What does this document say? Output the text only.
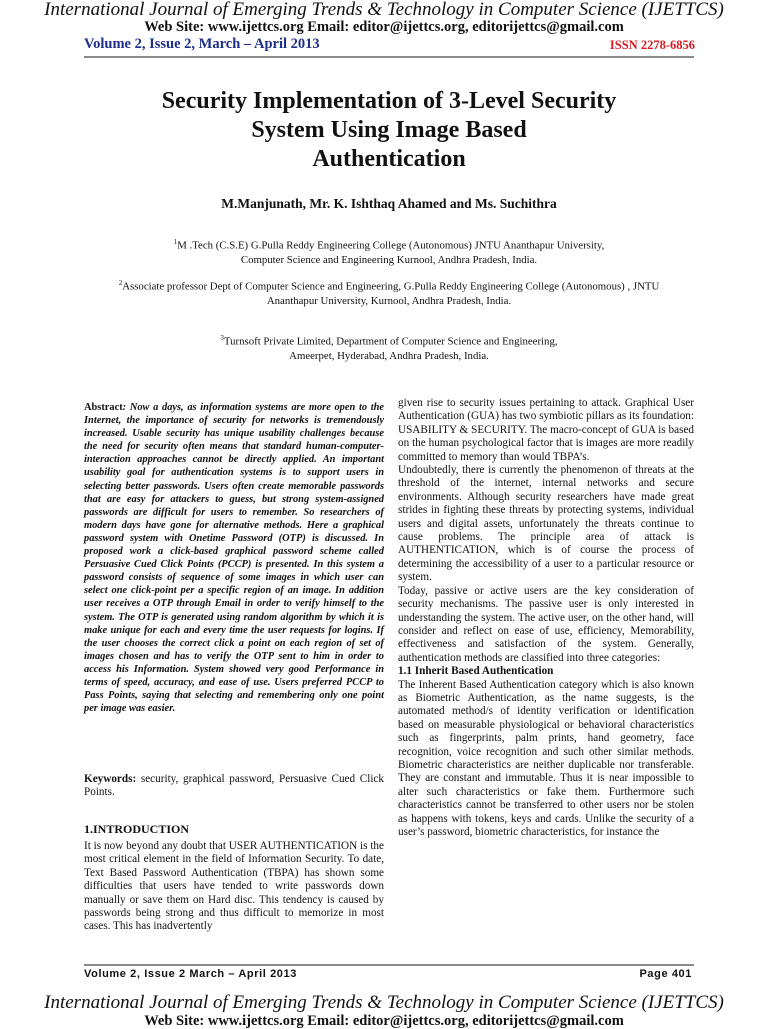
International Journal of Emerging Trends & Technology in Computer Science (IJETTCS)
Web Site: www.ijettcs.org Email: editor@ijettcs.org, editorijettcs@gmail.com
Volume 2, Issue 2, March – April 2013	ISSN 2278-6856
Security Implementation of 3-Level Security
System Using Image Based
Authentication
M.Manjunath, Mr. K. Ishthaq Ahamed and Ms. Suchithra
$^1$M .Tech (C.S.E) G.Pulla Reddy Engineering College (Autonomous) JNTU Ananthapur University,
Computer Science and Engineering Kurnool, Andhra Pradesh, India.
$^2$Associate professor Dept of Computer Science and Engineering, G.Pulla Reddy Engineering College (Autonomous) , JNTU
Ananthapur University, Kurnool, Andhra Pradesh, India.
$^3$Turnsoft Private Limited, Department of Computer Science and Engineering,
Ameerpet, Hyderabad, Andhra Pradesh, India.
Abstract: Now a days, as information systems are more open to the Internet, the importance of security for networks is tremendously increased. Usable security has unique usability challenges because the need for security often means that standard human-computer-interaction approaches cannot be directly applied. An important usability goal for authentication systems is to support users in selecting better passwords. Users often create memorable passwords that are easy for attackers to guess, but strong system-assigned passwords are difficult for users to remember. So researchers of modern days have gone for alternative methods. Here a graphical password system with Onetime Password (OTP) is discussed. In proposed work a click-based graphical password scheme called Persuasive Cued Click Points (PCCP) is presented. In this system a password consists of sequence of some images in which user can select one click-point per a specific region of an image. In addition user receives a OTP through Email in order to verify himself to the system. The OTP is generated using random algorithm by which it is make unique for each and every time the user requests for logins. If the user chooses the correct click a point on each region of set of images chosen and has to verify the OTP sent to him in order to access his Information. System showed very good Performance in terms of speed, accuracy, and ease of use. Users preferred PCCP to Pass Points, saying that selecting and remembering only one point per image was easier.
Keywords: security, graphical password, Persuasive Cued Click Points.
1.INTRODUCTION
It is now beyond any doubt that USER AUTHENTICATION is the most critical element in the field of Information Security. To date, Text Based Password Authentication (TBPA) has shown some difficulties that users have tended to write passwords down manually or save them on Hard disc. This tendency is caused by passwords being strong and thus difficult to memorize in most cases. This has inadvertently

given rise to security issues pertaining to attack. Graphical User Authentication (GUA) has two symbiotic pillars as its foundation: USABILITY & SECURITY. The macro-concept of GUA is based on the human psychological factor that is images are more readily committed to memory than would TBPA’s.

Undoubtedly, there is currently the phenomenon of threats at the threshold of the internet, internal networks and secure environments. Although security researchers have made great strides in fighting these threats by protecting systems, individual users and digital assets, unfortunately the threats continue to cause problems. The principle area of attack is AUTHENTICATION, which is of course the process of determining the accessibility of a user to a particular resource or system.

Today, passive or active users are the key consideration of security mechanisms. The passive user is only interested in understanding the system. The active user, on the other hand, will consider and reflect on ease of use, efficiency, Memorability, effectiveness and satisfaction of the system. Generally, authentication methods are classified into three categories:

1.1 Inherit Based Authentication

The Inherent Based Authentication category which is also known as Biometric Authentication, as the name suggests, is the automated method/s of identity verification or identification based on measurable physiological or behavioral characteristics such as fingerprints, palm prints, hand geometry, face recognition, voice recognition and such other similar methods. Biometric characteristics are neither duplicable nor transferable. They are constant and immutable. Thus it is near impossible to alter such characteristics or fake them. Furthermore such characteristics cannot be transferred to other users nor be stolen as happens with tokens, keys and cards. Unlike the security of a user’s password, biometric characteristics, for instance the

Volume 2, Issue 2 March – April 2013	Page 401
International Journal of Emerging Trends & Technology in Computer Science (IJETTCS)
Web Site: www.ijettcs.org Email: editor@ijettcs.org, editorijettcs@gmail.com
